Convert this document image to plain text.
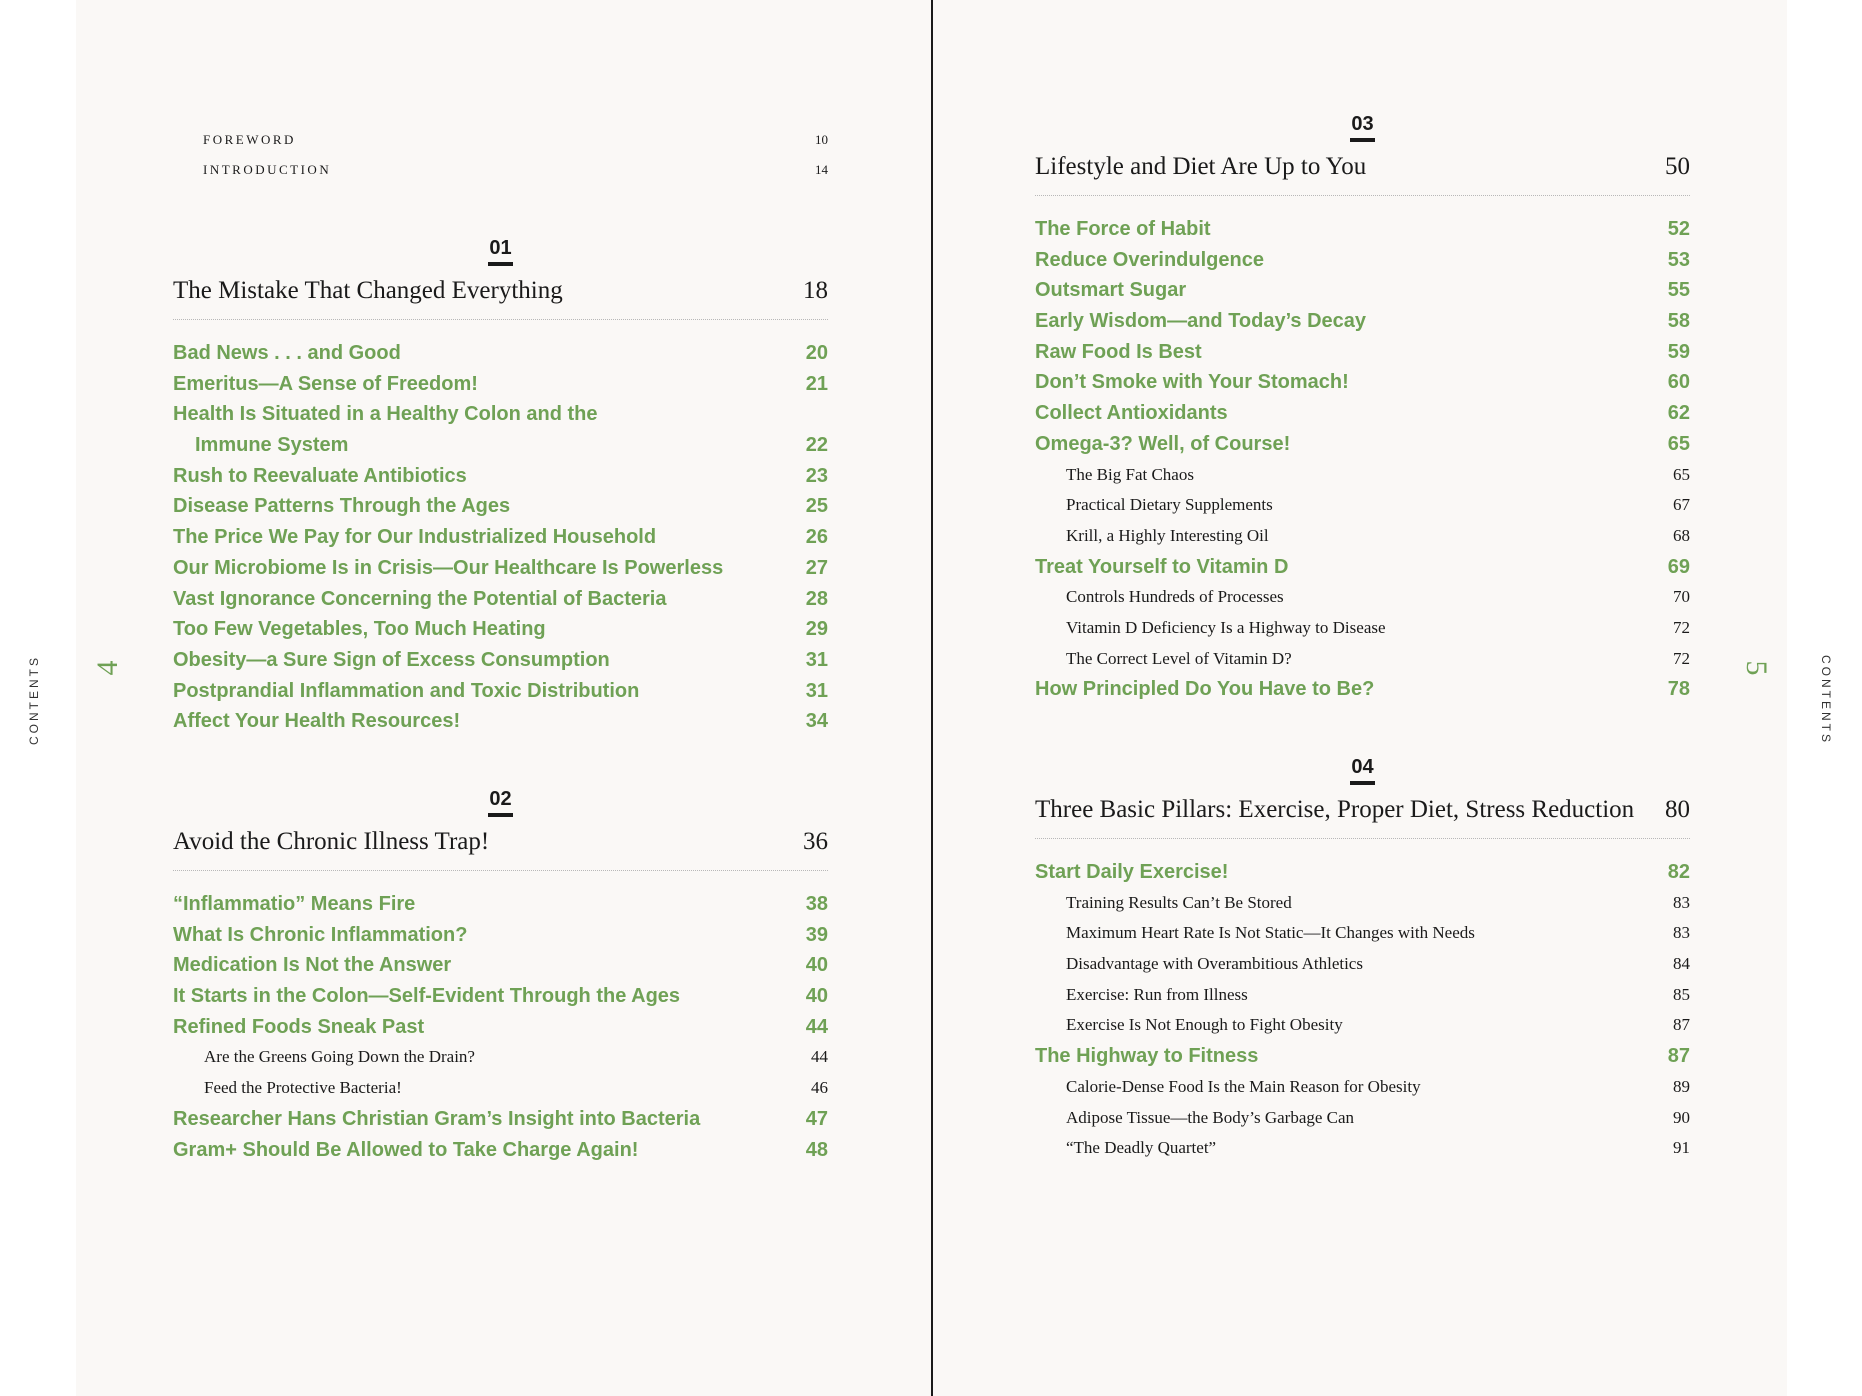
CONTENTS	CONTENTS
4	5
FOREWORD	10
INTRODUCTION	14
01
The Mistake That Changed Everything	18
Bad News . . . and Good	20
Emeritus—A Sense of Freedom!	21
Health Is Situated in a Healthy Colon and the
Immune System	22
Rush to Reevaluate Antibiotics	23
Disease Patterns Through the Ages	25
The Price We Pay for Our Industrialized Household	26
Our Microbiome Is in Crisis—Our Healthcare Is Powerless	27
Vast Ignorance Concerning the Potential of Bacteria	28
Too Few Vegetables, Too Much Heating	29
Obesity—a Sure Sign of Excess Consumption	31
Postprandial Inflammation and Toxic Distribution	31
Affect Your Health Resources!	34
02
Avoid the Chronic Illness Trap!	36
“Inflammatio” Means Fire	38
What Is Chronic Inflammation?	39
Medication Is Not the Answer	40
It Starts in the Colon—Self-Evident Through the Ages	40
Refined Foods Sneak Past	44
Are the Greens Going Down the Drain?	44
Feed the Protective Bacteria!	46
Researcher Hans Christian Gram’s Insight into Bacteria	47
Gram+ Should Be Allowed to Take Charge Again!	48
03
Lifestyle and Diet Are Up to You	50
The Force of Habit	52
Reduce Overindulgence	53
Outsmart Sugar	55
Early Wisdom—and Today’s Decay	58
Raw Food Is Best	59
Don’t Smoke with Your Stomach!	60
Collect Antioxidants	62
Omega-3? Well, of Course!	65
The Big Fat Chaos	65
Practical Dietary Supplements	67
Krill, a Highly Interesting Oil	68
Treat Yourself to Vitamin D	69
Controls Hundreds of Processes	70
Vitamin D Deficiency Is a Highway to Disease	72
The Correct Level of Vitamin D?	72
How Principled Do You Have to Be?	78
04
Three Basic Pillars: Exercise, Proper Diet, Stress Reduction 80
Start Daily Exercise!	82
Training Results Can’t Be Stored	83
Maximum Heart Rate Is Not Static—It Changes with Needs	83
Disadvantage with Overambitious Athletics	84
Exercise: Run from Illness	85
Exercise Is Not Enough to Fight Obesity	87
The Highway to Fitness	87
Calorie-Dense Food Is the Main Reason for Obesity	89
Adipose Tissue—the Body’s Garbage Can	90
“The Deadly Quartet”	91
